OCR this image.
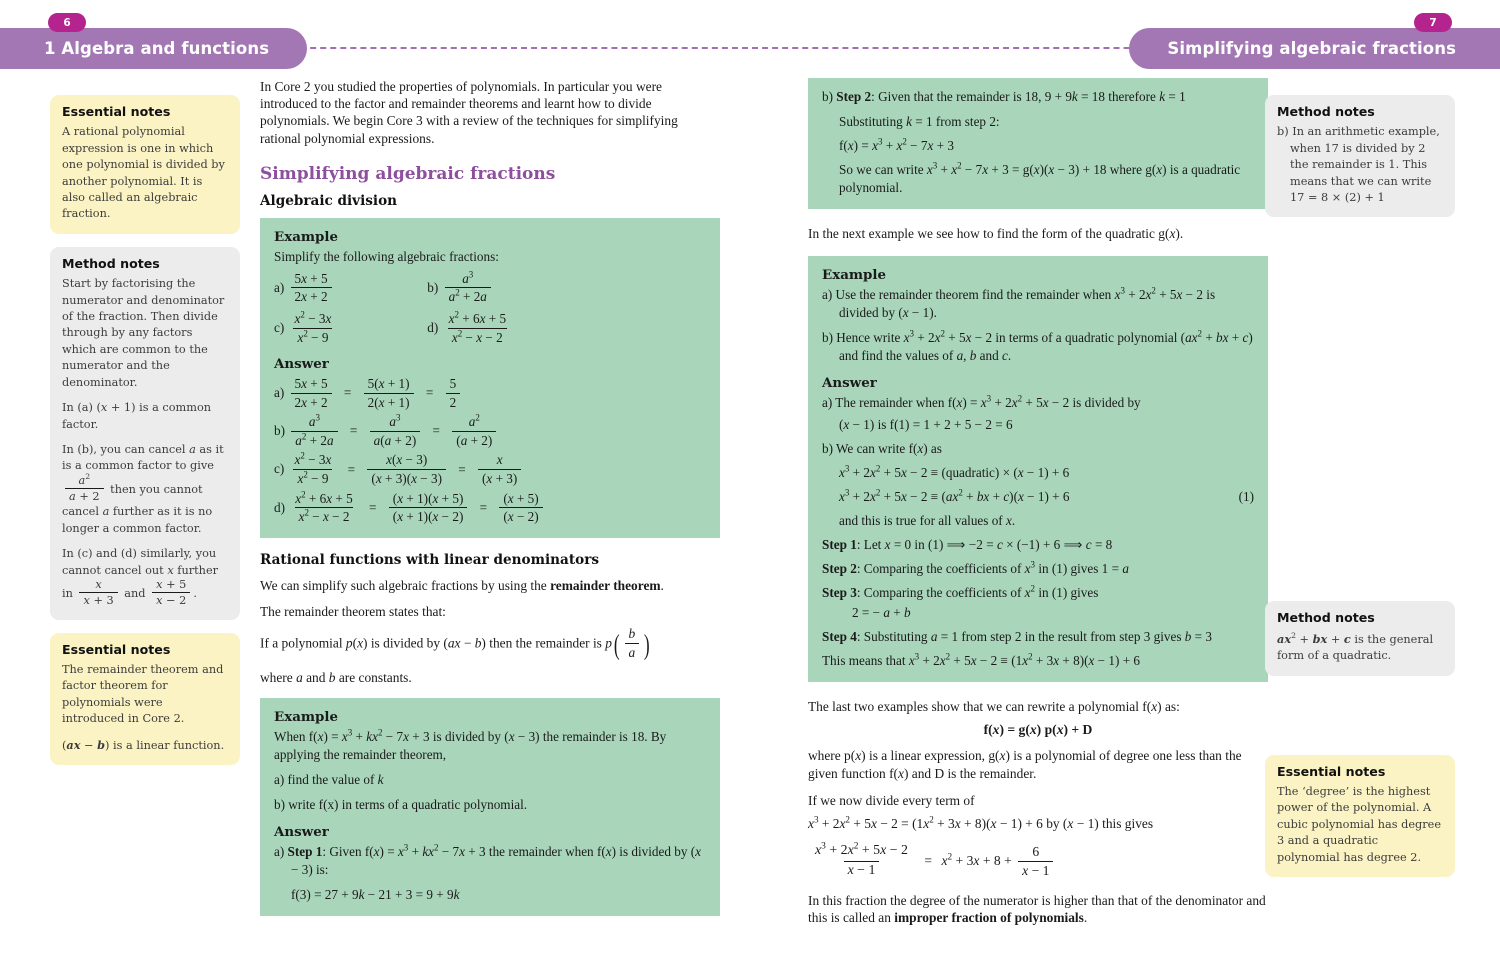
1 Algebra and functions	Simplifying algebraic fractions
Essential notes

A rational polynomial expression is one in which one polynomial is divided by another polynomial. It is also called an algebraic fraction.

Method notes

Start by factorising the numerator and denominator of the fraction. Then divide through by any factors which are common to the numerator and the denominator.

In (a) (x + 1) is a common factor.

In (b), you can cancel a as it is a common factor to give
$\frac{a^2}{a + 2}$ then you cannot cancel a further as it is no longer a common factor.

In (c) and (d) similarly, you cannot cancel out x further in $\frac{x}{x + 3}$ and $\frac{x + 5}{x - 2}$ .

Essential notes

The remainder theorem and factor theorem for polynomials were introduced in Core 2.

(ax − b) is a linear function.

In Core 2 you studied the properties of polynomials. In particular you were introduced to the factor and remainder theorems and learnt how to divide polynomials. We begin Core 3 with a review of the techniques for simplifying rational polynomial expressions.

Simplifying algebraic fractions
Algebraic division

Example

Simplify the following algebraic fractions:

$a) \frac{5x + 5}{2x + 2}$	$b) \frac{a^3}{a^2 + 2a}$

$c) \frac{x^2 - 3x}{x^2 - 9}$	$d) \frac{x^2 + 6x + 5}{x^2 - x - 2}$

Answer

$a) \frac{5x + 5}{2x + 2} = \frac{5(x + 1)}{2(x + 1)} = \frac{5}{2}$

$b) \frac{a^3}{a^2 + 2a} = \frac{a^3}{a(a + 2)} = \frac{a^2}{(a + 2)}$

$c) \frac{x^2 - 3x}{x^2 - 9} = \frac{x(x - 3)}{(x + 3)(x - 3)} = \frac{x}{(x + 3)}$

$d) \frac{x^2 + 6x + 5}{x^2 - x - 2} = \frac{(x + 1)(x + 5)}{(x + 1)(x - 2)} = \frac{(x + 5)}{(x - 2)}$

Rational functions with linear denominators

We can simplify such algebraic fractions by using the remainder theorem.

The remainder theorem states that:

If a polynomial p(x) is divided by (ax − b) then the remainder is $p( \frac{b}{a}$ )

where a and b are constants.

Example

When $f(x) = x^3 + kx^2 - 7x + 3$ is divided by (x − 3) the remainder is 18. By applying the remainder theorem,

a) find the value of k

b) write f(x) in terms of a quadratic polynomial.

Answer

a) Step 1: Given $f(x) = x^3 + kx^2 - 7x + 3$ the remainder when f(x) is divided by (x − 3) is:

f(3) = 27 + 9k − 21 + 3 = 9 + 9k

6

b) Step 2: Given that the remainder is 18, 9 + 9k = 18 therefore k = 1

Substituting k = 1 from step 2:

$f(x) = x^3 + x^2 - 7x + 3$

So we can write $x^3 + x^2 - 7x + 3 = g(x)(x - 3) + 18$ where g(x) is a quadratic polynomial.

In the next example we see how to find the form of the quadratic g(x).

Example

a) Use the remainder theorem find the remainder when $x^3 + 2x^2 + 5x - 2$ is divided by (x − 1).

b) Hence write $x^3 + 2x^2 + 5x - 2$ in terms of a quadratic polynomial ($ax^2$ + bx + c) and find the values of a, b and c.

Answer

a) The remainder when $f(x) = x^3 + 2x^2 + 5x - 2$ is divided by

(x − 1) is f(1) = 1 + 2 + 5 − 2 = 6

b) We can write f(x) as

$x^3 + 2x^2 + 5x - 2$ ≡ (quadratic) × (x − 1) + 6

(1)
$x^3 + 2x^2 + 5x - 2 \equiv (ax^2$ + bx + c)(x − 1) + 6

and this is true for all values of x.

Step 1: Let x = 0 in (1) ⟹ −2 = c × (−1) + 6 ⟹ c = 8

Step 2: Comparing the coefficients of $x^3$ in (1) gives 1 = a

Step 3: Comparing the coefficients of $x^2$ in (1) gives

2 = − a + b

Step 4: Substituting a = 1 from step 2 in the result from step 3 gives b = 3

This means that $x^3 + 2x^2 + 5x - 2 \equiv (1x^2 + 3x + 8)(x - 1) + 6$

The last two examples show that we can rewrite a polynomial f(x) as:

f(x) = g(x) p(x) + D

where p(x) is a linear expression, g(x) is a polynomial of degree one less than the given function f(x) and D is the remainder.

If we now divide every term of

$x^3 + 2x^2 + 5x - 2 = (1x^2 + 3x + 8)(x - 1) + 6$ by (x − 1) this gives

$\frac{x^3 + 2x^2 + 5x - 2}{x - 1} = x^2 + 3x + 8 + \frac{6}{x - 1}$

In this fraction the degree of the numerator is higher than that of the denominator and this is called an improper fraction of polynomials.

Method notes

b) In an arithmetic example, when 17 is divided by 2 the remainder is 1. This means that we can write 17 = 8 × (2) + 1

Method notes

$ax^2$ + bx + c is the general form of a quadratic.

Essential notes

The ‘degree’ is the highest power of the polynomial. A cubic polynomial has degree 3 and a quadratic polynomial has degree 2.

7
